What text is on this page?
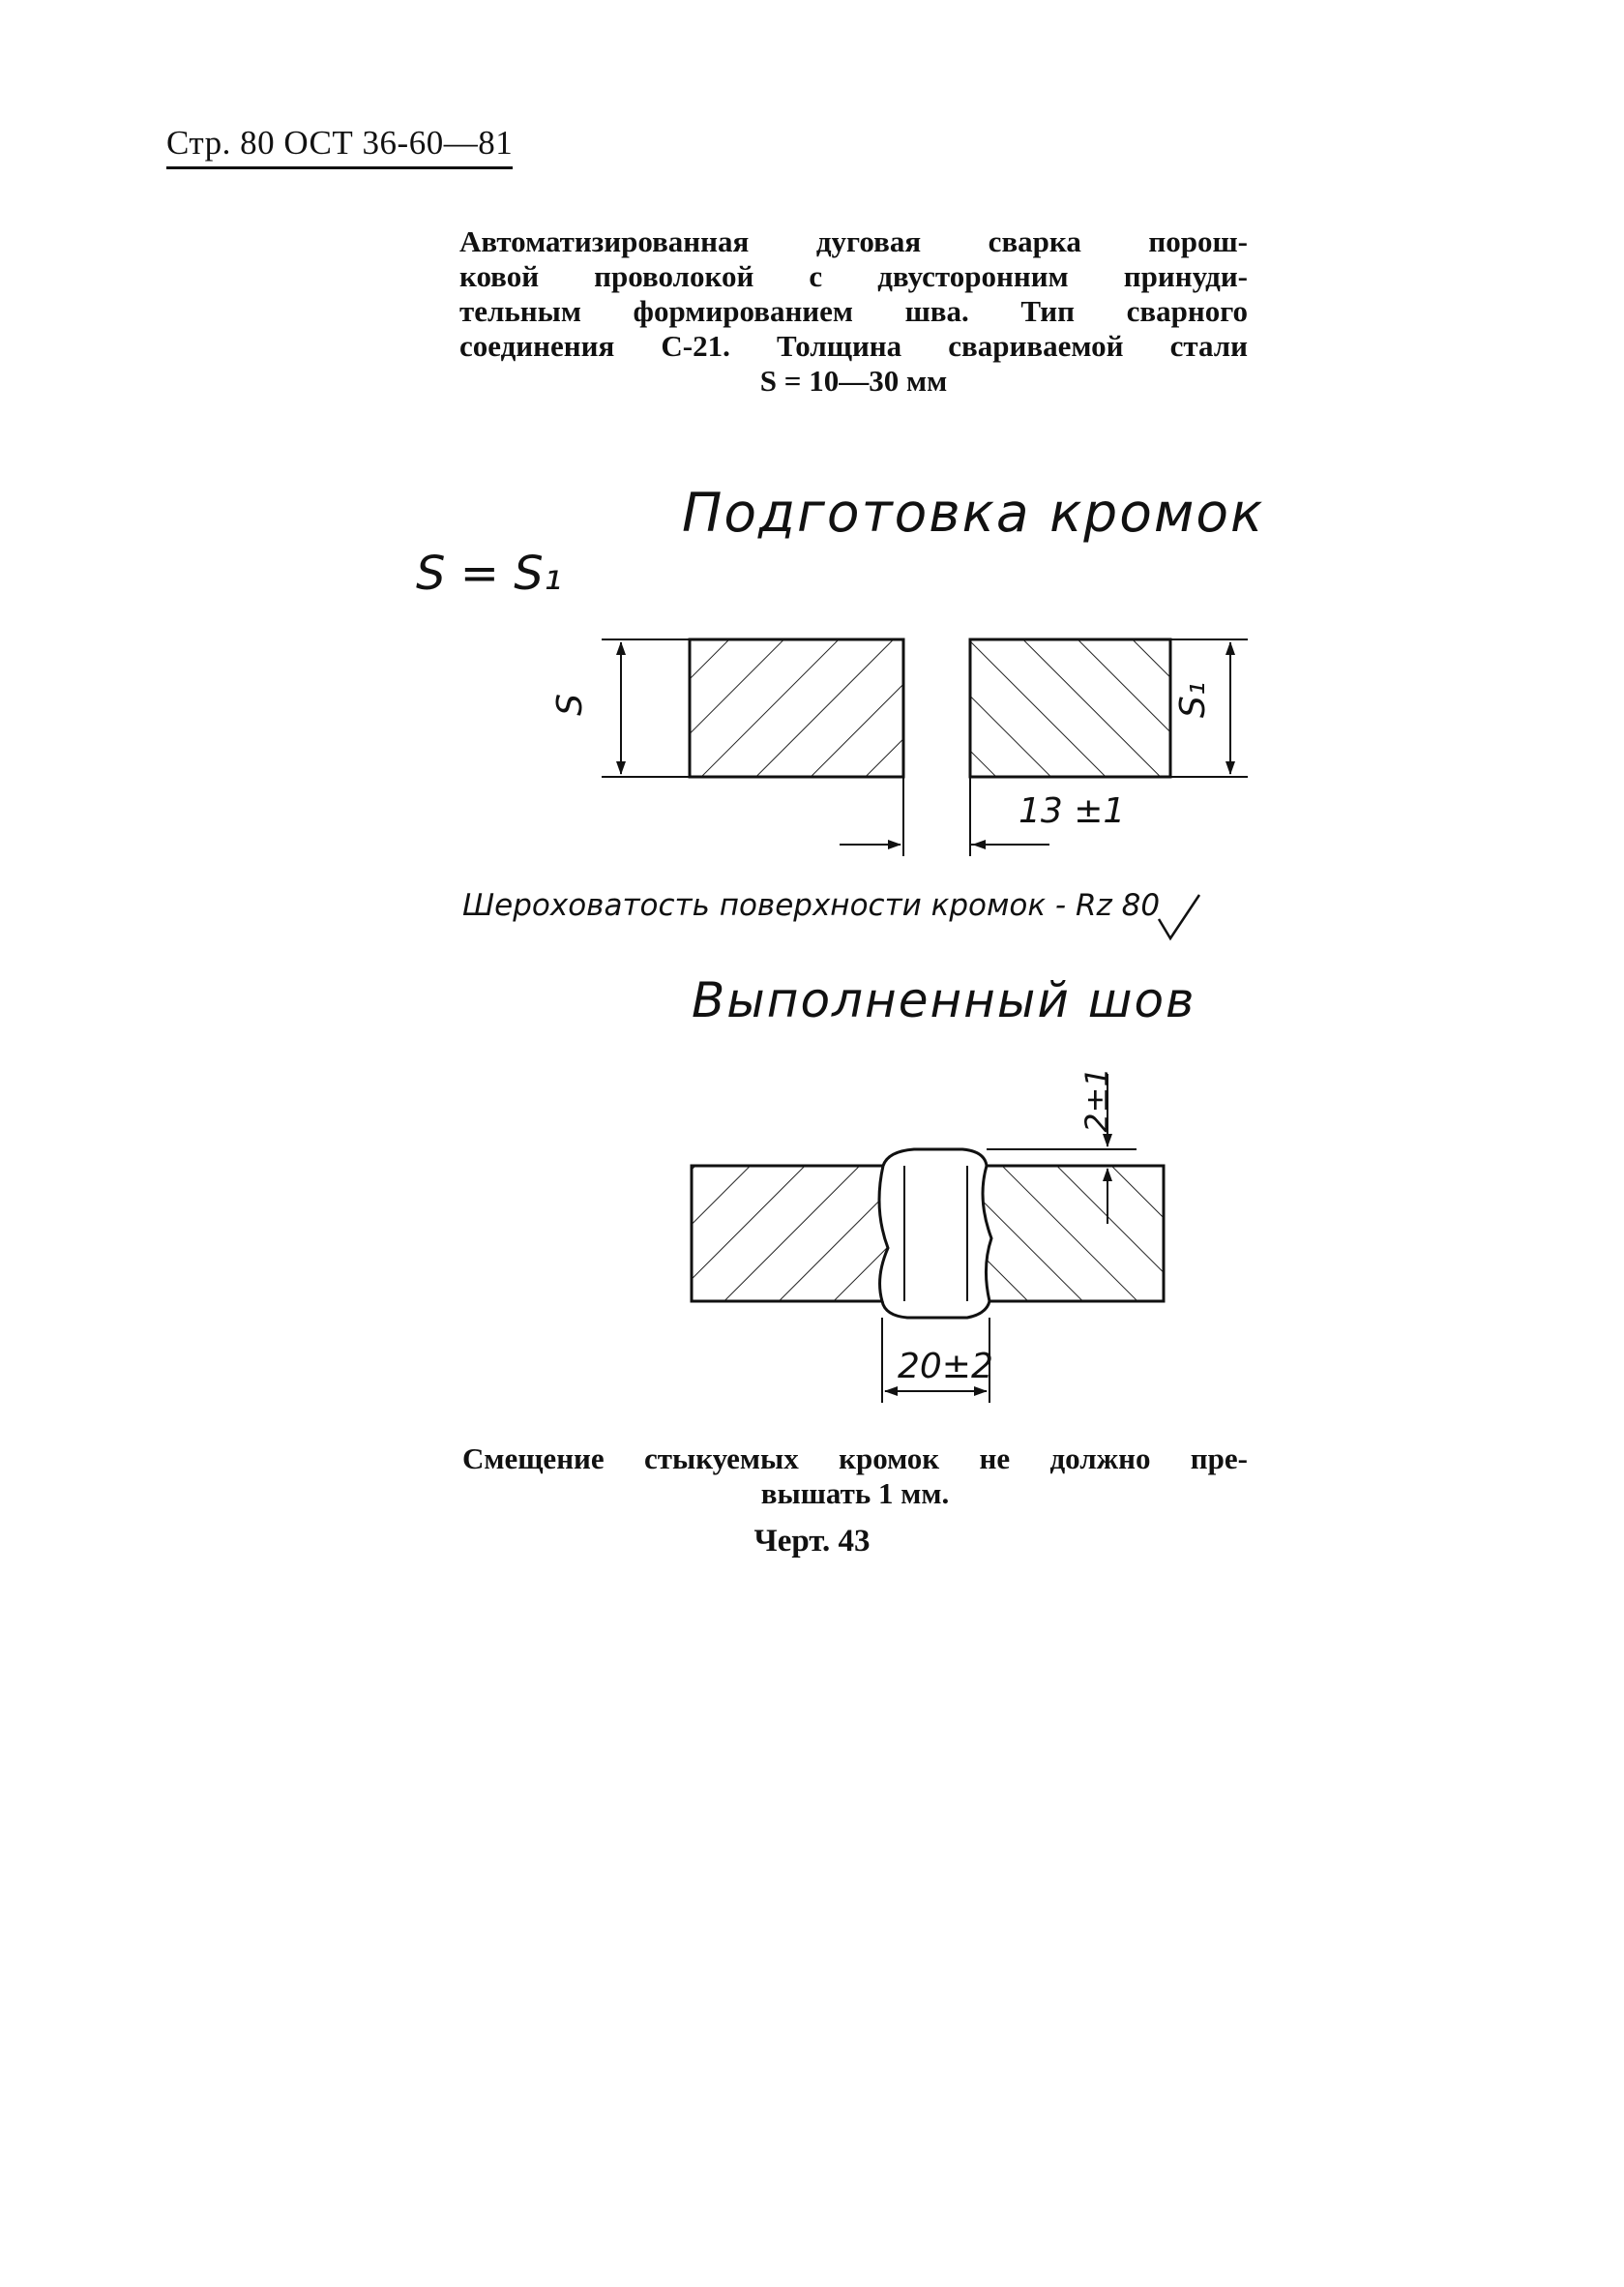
Стр. 80 ОСТ 36-60—81
Автоматизированная дуговая сварка порош-
ковой проволокой с двусторонним принуди-
тельным формированием шва. Тип сварного
соединения С-21. Толщина свариваемой стали
S = 10—30 мм
Подготовка кромок
S = S₁
S	S₁
13 ±1
Шероховатость поверхности кромок - Rz 80
Выполненный шов
2±1
20±2
Смещение стыкуемых кромок не должно пре-
вышать 1 мм.
Черт. 43
